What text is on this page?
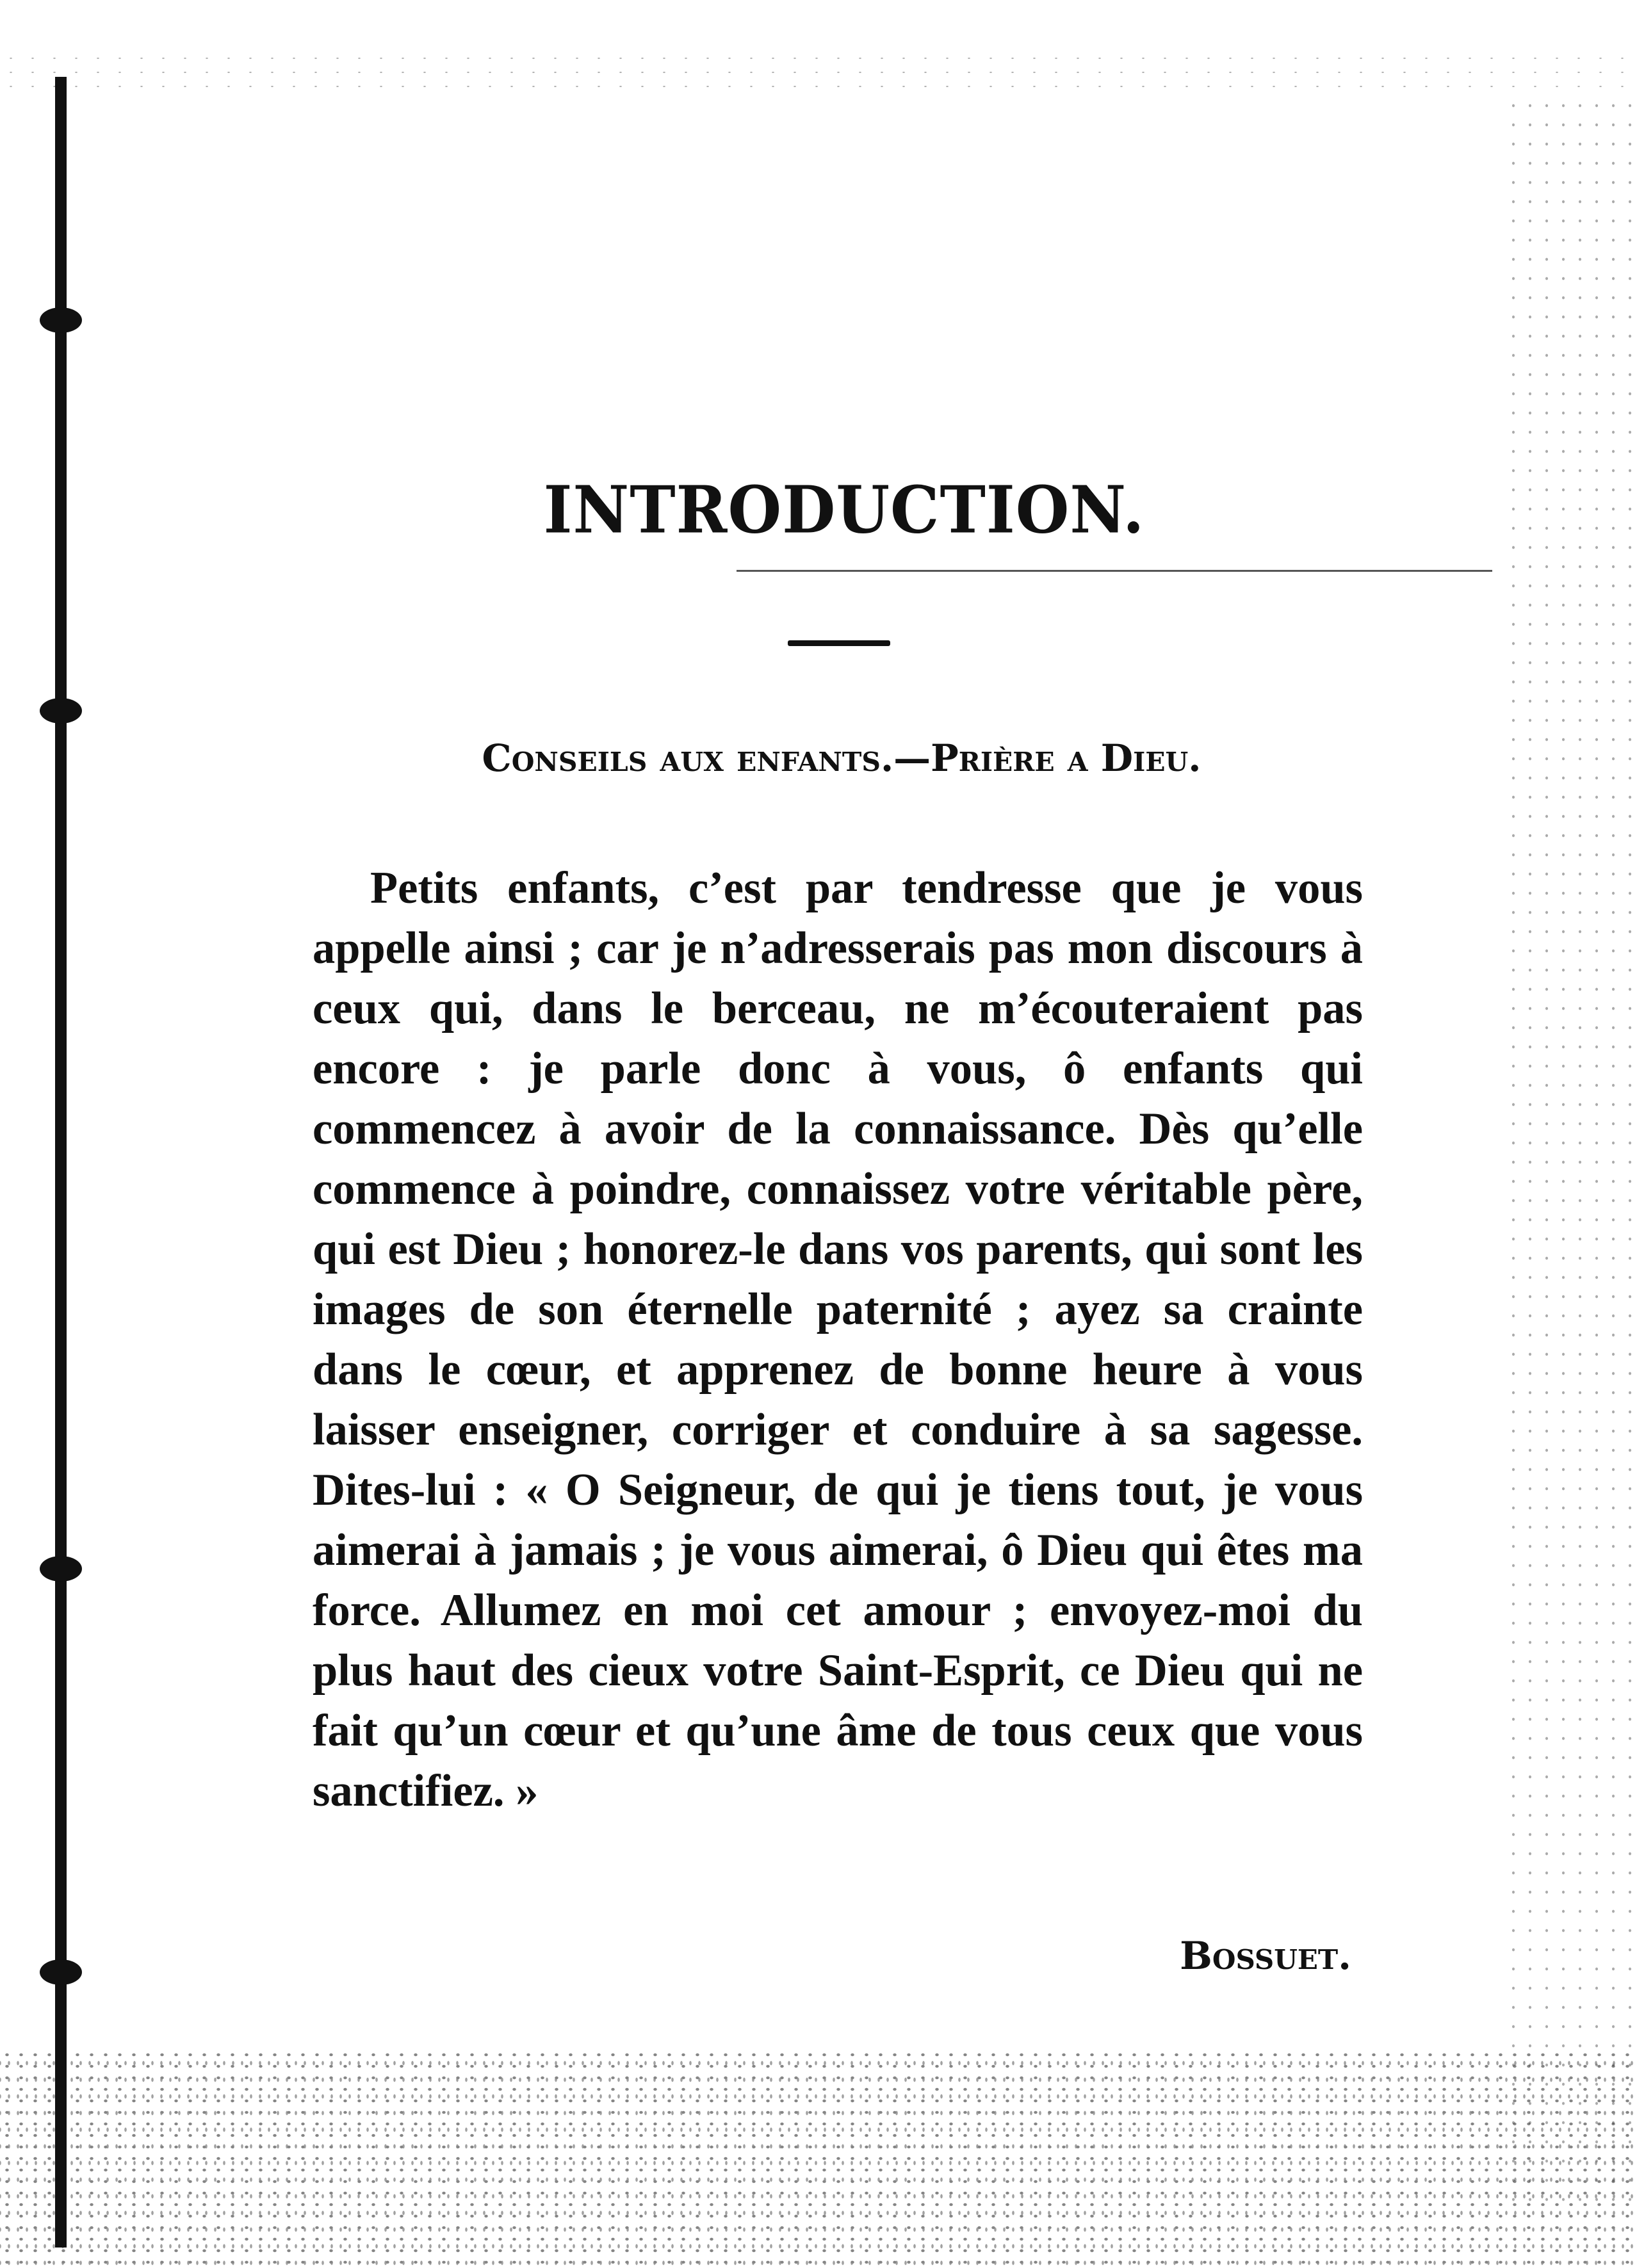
INTRODUCTION.
Conseils aux enfants.—Prière a Dieu.
Petits enfants, c’est par tendresse que je vous appelle ainsi ; car je n’adresserais pas mon discours à ceux qui, dans le berceau, ne m’écouteraient pas encore : je parle donc à vous, ô enfants qui commencez à avoir de la connaissance. Dès qu’elle commence à poindre, connaissez votre véritable père, qui est Dieu ; honorez-le dans vos parents, qui sont les images de son éternelle paternité ; ayez sa crainte dans le cœur, et apprenez de bonne heure à vous laisser enseigner, corriger et conduire à sa sagesse. Dites-lui : « O Seigneur, de qui je tiens tout, je vous aimerai à jamais ; je vous aimerai, ô Dieu qui êtes ma force. Allumez en moi cet amour ; envoyez-moi du plus haut des cieux votre Saint-Esprit, ce Dieu qui ne fait qu’un cœur et qu’une âme de tous ceux que vous sanctifiez. »
Bossuet.
